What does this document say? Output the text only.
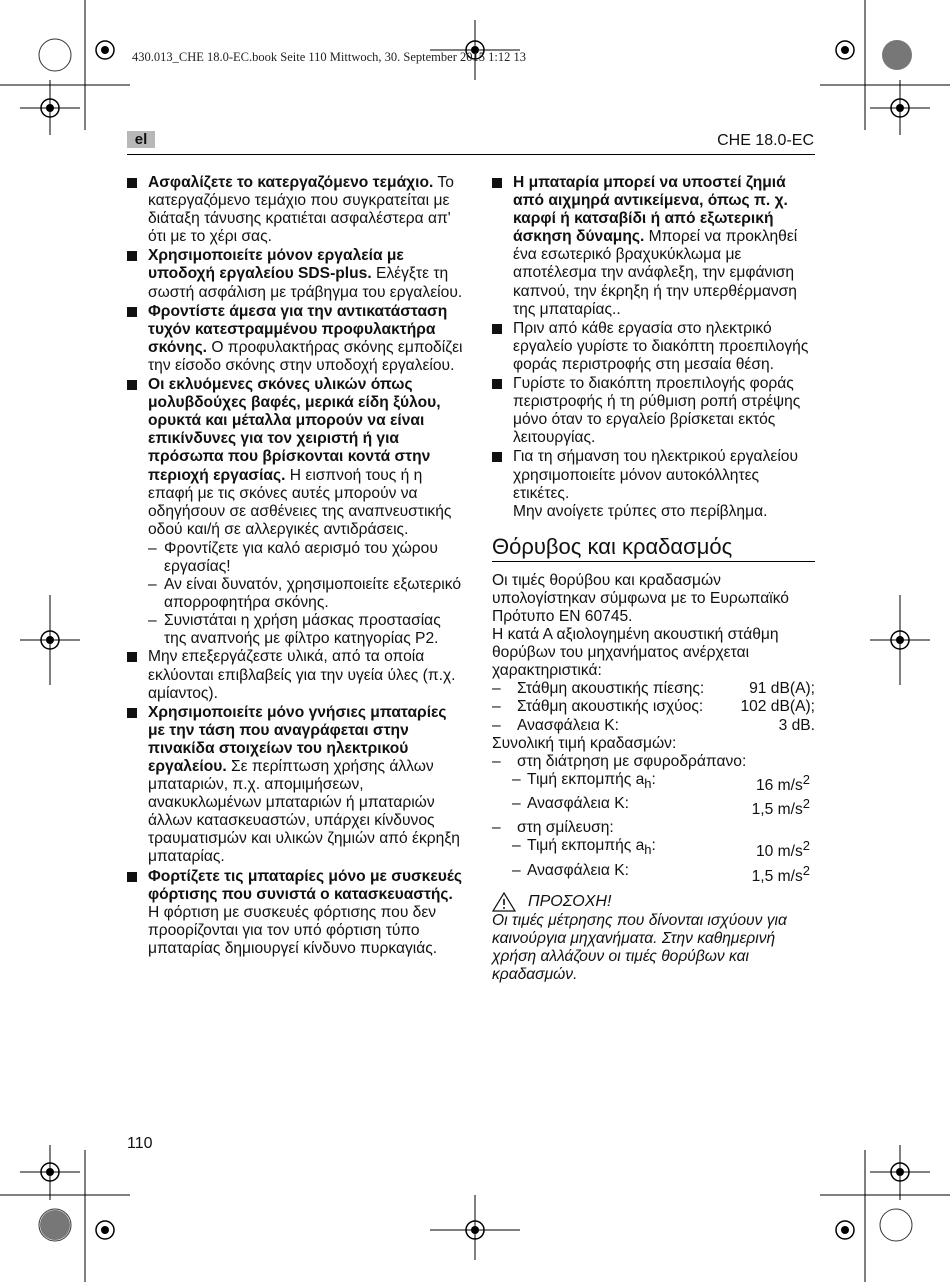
430.013_CHE 18.0-EC.book Seite 110 Mittwoch, 30. September 2015 1:12 13
el	CHE 18.0-EC
Ασφαλίζετε το κατεργαζόμενο τεμάχιο. Το κατεργαζόμενο τεμάχιο που συγκρατείται με διάταξη τάνυσης κρατιέται ασφαλέστερα απ' ότι με το χέρι σας.
Χρησιμοποιείτε μόνον εργαλεία με υποδοχή εργαλείου SDS-plus. Ελέγξτε τη σωστή ασφάλιση με τράβηγμα του εργαλείου.
Φροντίστε άμεσα για την αντικατάσταση τυχόν κατεστραμμένου προφυλακτήρα σκόνης. Ο προφυλακτήρας σκόνης εμποδίζει την είσοδο σκόνης στην υποδοχή εργαλείου.
Οι εκλυόμενες σκόνες υλικών όπως μολυβδούχες βαφές, μερικά είδη ξύλου, ορυκτά και μέταλλα μπορούν να είναι επικίνδυνες για τον χειριστή ή για πρόσωπα που βρίσκονται κοντά στην περιοχή εργασίας. Η εισπνοή τους ή η επαφή με τις σκόνες αυτές μπορούν να οδηγήσουν σε ασθένειες της αναπνευστικής οδού και/ή σε αλλεργικές αντιδράσεις.
– Φροντίζετε για καλό αερισμό του χώρου εργασίας!
– Αν είναι δυνατόν, χρησιμοποιείτε εξωτερικό απορροφητήρα σκόνης.
– Συνιστάται η χρήση μάσκας προστασίας της αναπνοής με φίλτρο κατηγορίας P2.
Μην επεξεργάζεστε υλικά, από τα οποία εκλύονται επιβλαβείς για την υγεία ύλες (π.χ. αμίαντος).
Χρησιμοποιείτε μόνο γνήσιες μπαταρίες με την τάση που αναγράφεται στην πινακίδα στοιχείων του ηλεκτρικού εργαλείου. Σε περίπτωση χρήσης άλλων μπαταριών, π.χ. απομιμήσεων, ανακυκλωμένων μπαταριών ή μπαταριών άλλων κατασκευαστών, υπάρχει κίνδυνος τραυματισμών και υλικών ζημιών από έκρηξη μπαταρίας.
Φορτίζετε τις μπαταρίες μόνο με συσκευές φόρτισης που συνιστά ο κατασκευαστής. Η φόρτιση με συσκευές φόρτισης που δεν προορίζονται για τον υπό φόρτιση τύπο μπαταρίας δημιουργεί κίνδυνο πυρκαγιάς.
Η μπαταρία μπορεί να υποστεί ζημιά από αιχμηρά αντικείμενα, όπως π. χ. καρφί ή κατσαβίδι ή από εξωτερική άσκηση δύναμης. Μπορεί να προκληθεί ένα εσωτερικό βραχυκύκλωμα με αποτέλεσμα την ανάφλεξη, την εμφάνιση καπνού, την έκρηξη ή την υπερθέρμανση της μπαταρίας..
Πριν από κάθε εργασία στο ηλεκτρικό εργαλείο γυρίστε το διακόπτη προεπιλογής φοράς περιστροφής στη μεσαία θέση.
Γυρίστε το διακόπτη προεπιλογής φοράς περιστροφής ή τη ρύθμιση ροπή στρέψης μόνο όταν το εργαλείο βρίσκεται εκτός λειτουργίας.
Για τη σήμανση του ηλεκτρικού εργαλείου χρησιμοποιείτε μόνον αυτοκόλλητες ετικέτες.
Μην ανοίγετε τρύπες στο περίβλημα.
Θόρυβος και κραδασμός

Οι τιμές θορύβου και κραδασμών υπολογίστηκαν σύμφωνα με το Ευρωπαϊκό Πρότυπο EN 60745.

Η κατά Α αξιολογημένη ακουστική στάθμη θορύβων του μηχανήματος ανέρχεται χαρακτηριστικά:

–	Στάθμη ακουστικής πίεσης:	91 dB(A);
–	Στάθμη ακουστικής ισχύος:	102 dB(A);
–	Ανασφάλεια K:	3 dB.

Συνολική τιμή κραδασμών:

–	στη διάτρηση με σφυροδράπανο:
– Τιμή εκπομπής $a_h$:	16 $m/s^2$
– Ανασφάλεια K:	1,5 $m/s^2$
–	στη σμίλευση:
– Τιμή εκπομπής $a_h$:	10 $m/s^2$
– Ανασφάλεια K:	1,5 $m/s^2$
ΠΡΟΣΟΧΗ!

Οι τιμές μέτρησης που δίνονται ισχύουν για καινούργια μηχανήματα. Στην καθημερινή χρήση αλλάζουν οι τιμές θορύβων και κραδασμών.

110
